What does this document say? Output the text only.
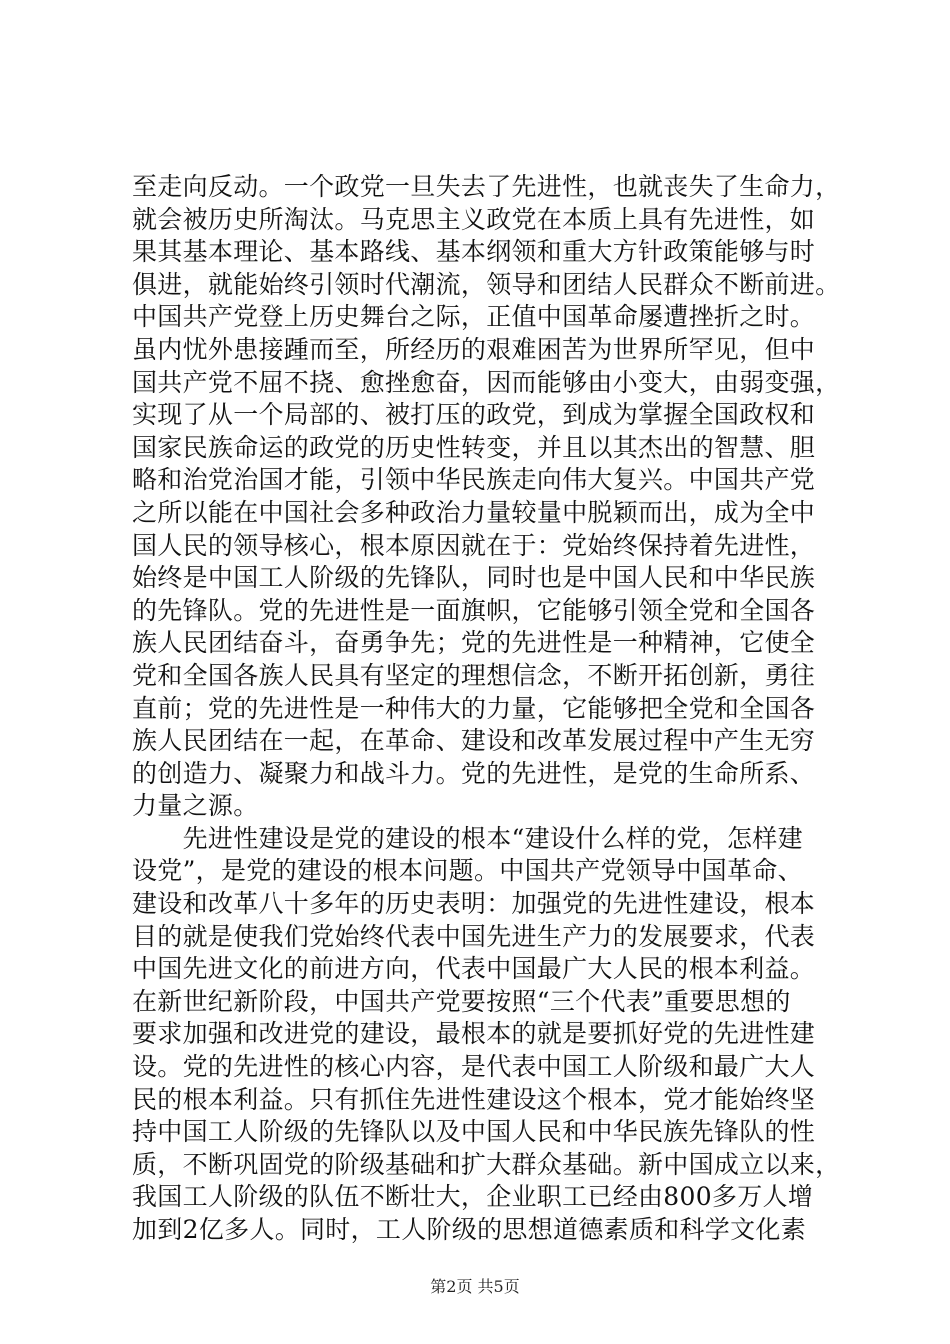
至走向反动。一个政党一旦失去了先进性，也就丧失了生命力，
就会被历史所淘汰。马克思主义政党在本质上具有先进性，如
果其基本理论、基本路线、基本纲领和重大方针政策能够与时
俱进，就能始终引领时代潮流，领导和团结人民群众不断前进。
中国共产党登上历史舞台之际，正值中国革命屡遭挫折之时。
虽内忧外患接踵而至，所经历的艰难困苦为世界所罕见，但中
国共产党不屈不挠、愈挫愈奋，因而能够由小变大，由弱变强，
实现了从一个局部的、被打压的政党，到成为掌握全国政权和
国家民族命运的政党的历史性转变，并且以其杰出的智慧、胆
略和治党治国才能，引领中华民族走向伟大复兴。中国共产党
之所以能在中国社会多种政治力量较量中脱颖而出，成为全中
国人民的领导核心，根本原因就在于：党始终保持着先进性，
始终是中国工人阶级的先锋队，同时也是中国人民和中华民族
的先锋队。党的先进性是一面旗帜，它能够引领全党和全国各
族人民团结奋斗，奋勇争先；党的先进性是一种精神，它使全
党和全国各族人民具有坚定的理想信念，不断开拓创新，勇往
直前；党的先进性是一种伟大的力量，它能够把全党和全国各
族人民团结在一起，在革命、建设和改革发展过程中产生无穷
的创造力、凝聚力和战斗力。党的先进性，是党的生命所系、
力量之源。
　　先进性建设是党的建设的根本“建设什么样的党，怎样建
设党”，是党的建设的根本问题。中国共产党领导中国革命、
建设和改革八十多年的历史表明：加强党的先进性建设，根本
目的就是使我们党始终代表中国先进生产力的发展要求，代表
中国先进文化的前进方向，代表中国最广大人民的根本利益。
在新世纪新阶段，中国共产党要按照“三个代表”重要思想的
要求加强和改进党的建设，最根本的就是要抓好党的先进性建
设。党的先进性的核心内容，是代表中国工人阶级和最广大人
民的根本利益。只有抓住先进性建设这个根本，党才能始终坚
持中国工人阶级的先锋队以及中国人民和中华民族先锋队的性
质，不断巩固党的阶级基础和扩大群众基础。新中国成立以来，
我国工人阶级的队伍不断壮大，企业职工已经由800多万人增
加到2亿多人。同时，工人阶级的思想道德素质和科学文化素
第2页 共5页
